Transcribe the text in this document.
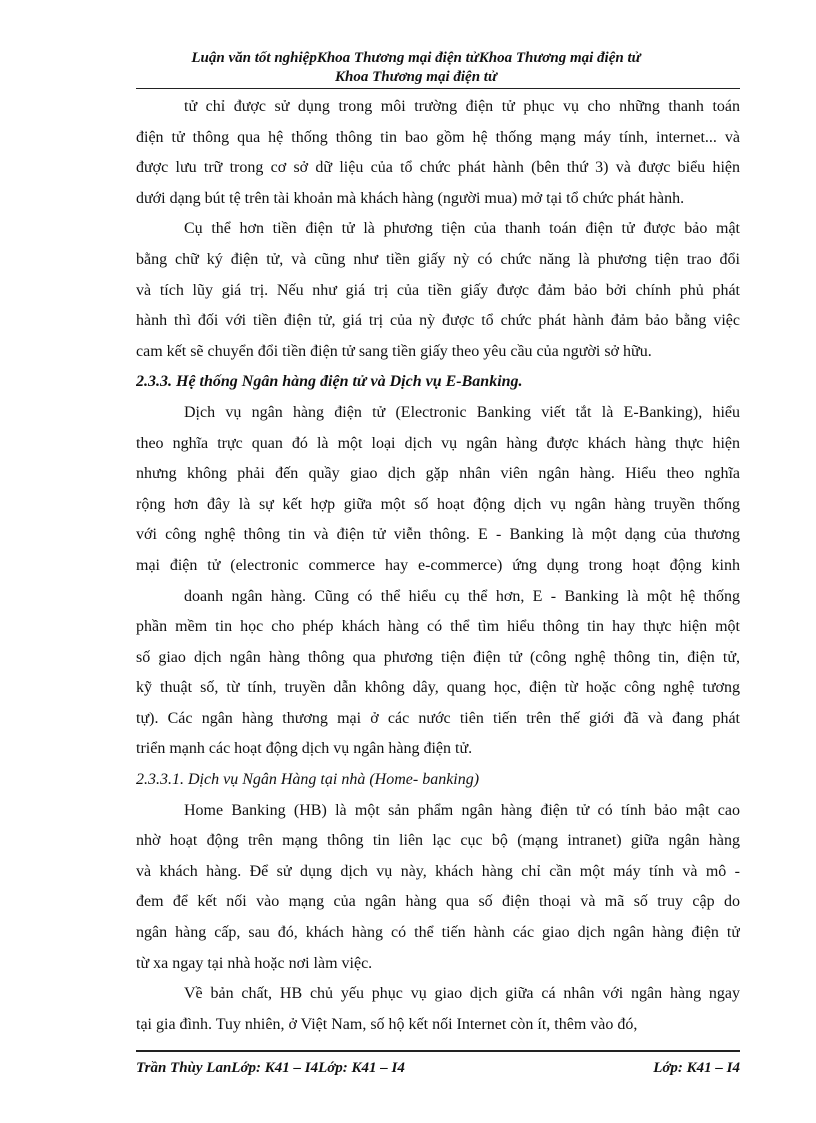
Luận văn tốt nghiệpKhoa Thương mại điện tửKhoa Thương mại điện tử
Khoa Thương mại điện tử
tử chỉ được sử dụng trong môi trường điện tử phục vụ cho những thanh toán
điện tử thông qua hệ thống thông tin bao gồm hệ thống mạng máy tính, internet... và
được lưu trữ trong cơ sở dữ liệu của tổ chức phát hành (bên thứ 3) và được biểu hiện
dưới dạng bút tệ trên tài khoản mà khách hàng (người mua) mở tại tổ chức phát hành.
Cụ thể hơn tiền điện tử là phương tiện của thanh toán điện tử được bảo mật
bằng chữ ký điện tử, và cũng như tiền giấy nỳ có chức năng là phương tiện trao đổi
và tích lũy giá trị. Nếu như giá trị của tiền giấy được đảm bảo bởi chính phủ phát
hành thì đối với tiền điện tử, giá trị của nỳ được tổ chức phát hành đảm bảo bằng việc
cam kết sẽ chuyển đổi tiền điện tử sang tiền giấy theo yêu cầu của người sở hữu.
2.3.3. Hệ thống Ngân hàng điện tử và Dịch vụ E-Banking.
Dịch vụ ngân hàng điện tử (Electronic Banking viết tắt là E-Banking), hiểu
theo nghĩa trực quan đó là một loại dịch vụ ngân hàng được khách hàng thực hiện
nhưng không phải đến quầy giao dịch gặp nhân viên ngân hàng. Hiểu theo nghĩa
rộng hơn đây là sự kết hợp giữa một số hoạt động dịch vụ ngân hàng truyền thống
với công nghệ thông tin và điện tử viễn thông. E - Banking là một dạng của thương
mại điện tử (electronic commerce hay e-commerce) ứng dụng trong hoạt động kinh
doanh ngân hàng. Cũng có thể hiểu cụ thể hơn, E - Banking là một hệ thống
phần mềm tin học cho phép khách hàng có thể tìm hiểu thông tin hay thực hiện một
số giao dịch ngân hàng thông qua phương tiện điện tử (công nghệ thông tin, điện tử,
kỹ thuật số, từ tính, truyền dẫn không dây, quang học, điện từ hoặc công nghệ tương
tự). Các ngân hàng thương mại ở các nước tiên tiến trên thế giới đã và đang phát
triển mạnh các hoạt động dịch vụ ngân hàng điện tử.
2.3.3.1. Dịch vụ Ngân Hàng tại nhà (Home- banking)
Home Banking (HB) là một sản phẩm ngân hàng điện tử có tính bảo mật cao
nhờ hoạt động trên mạng thông tin liên lạc cục bộ (mạng intranet) giữa ngân hàng
và khách hàng. Để sử dụng dịch vụ này, khách hàng chỉ cần một máy tính và mô -
đem để kết nối vào mạng của ngân hàng qua số điện thoại và mã số truy cập do
ngân hàng cấp, sau đó, khách hàng có thể tiến hành các giao dịch ngân hàng điện tử
từ xa ngay tại nhà hoặc nơi làm việc.
Về bản chất, HB chủ yếu phục vụ giao dịch giữa cá nhân với ngân hàng ngay
tại gia đình. Tuy nhiên, ở Việt Nam, số hộ kết nối Internet còn ít, thêm vào đó,
Trần Thùy LanLớp: K41 – I4Lớp: K41 – I4	Lớp: K41 – I4
